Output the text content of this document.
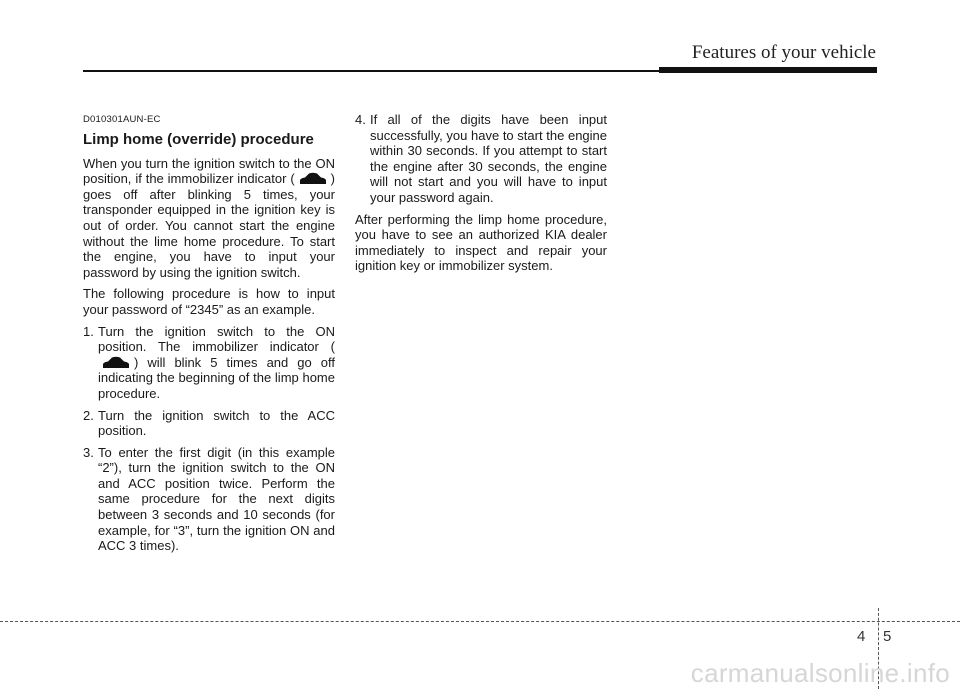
Features of your vehicle
D010301AUN-EC
Limp home (override) procedure

When you turn the ignition switch to the ON position, if the immobilizer indicator (	) goes off after blinking 5 times, your transponder equipped in the ignition key is out of order. You cannot start the engine without the lime home procedure. To start the engine, you have to input your password by using the ignition switch.

The following procedure is how to input your password of “2345” as an example.

1. Turn the ignition switch to the ON position. The immobilizer indicator () will blink 5 times and go off indicating the beginning of the limp home procedure.
2. Turn the ignition switch to the ACC position.
3. To enter the first digit (in this example “2”), turn the ignition switch to the ON and ACC position twice. Perform the same procedure for the next digits between 3 seconds and 10 seconds (for example, for “3”, turn the ignition ON and ACC 3 times).
4. If all of the digits have been input successfully, you have to start the engine within 30 seconds. If you attempt to start the engine after 30 seconds, the engine will not start and you will have to input your password again.

After performing the limp home procedure, you have to see an authorized KIA dealer immediately to inspect and repair your ignition key or immobilizer system.

4 5
carmanualsonline.info
